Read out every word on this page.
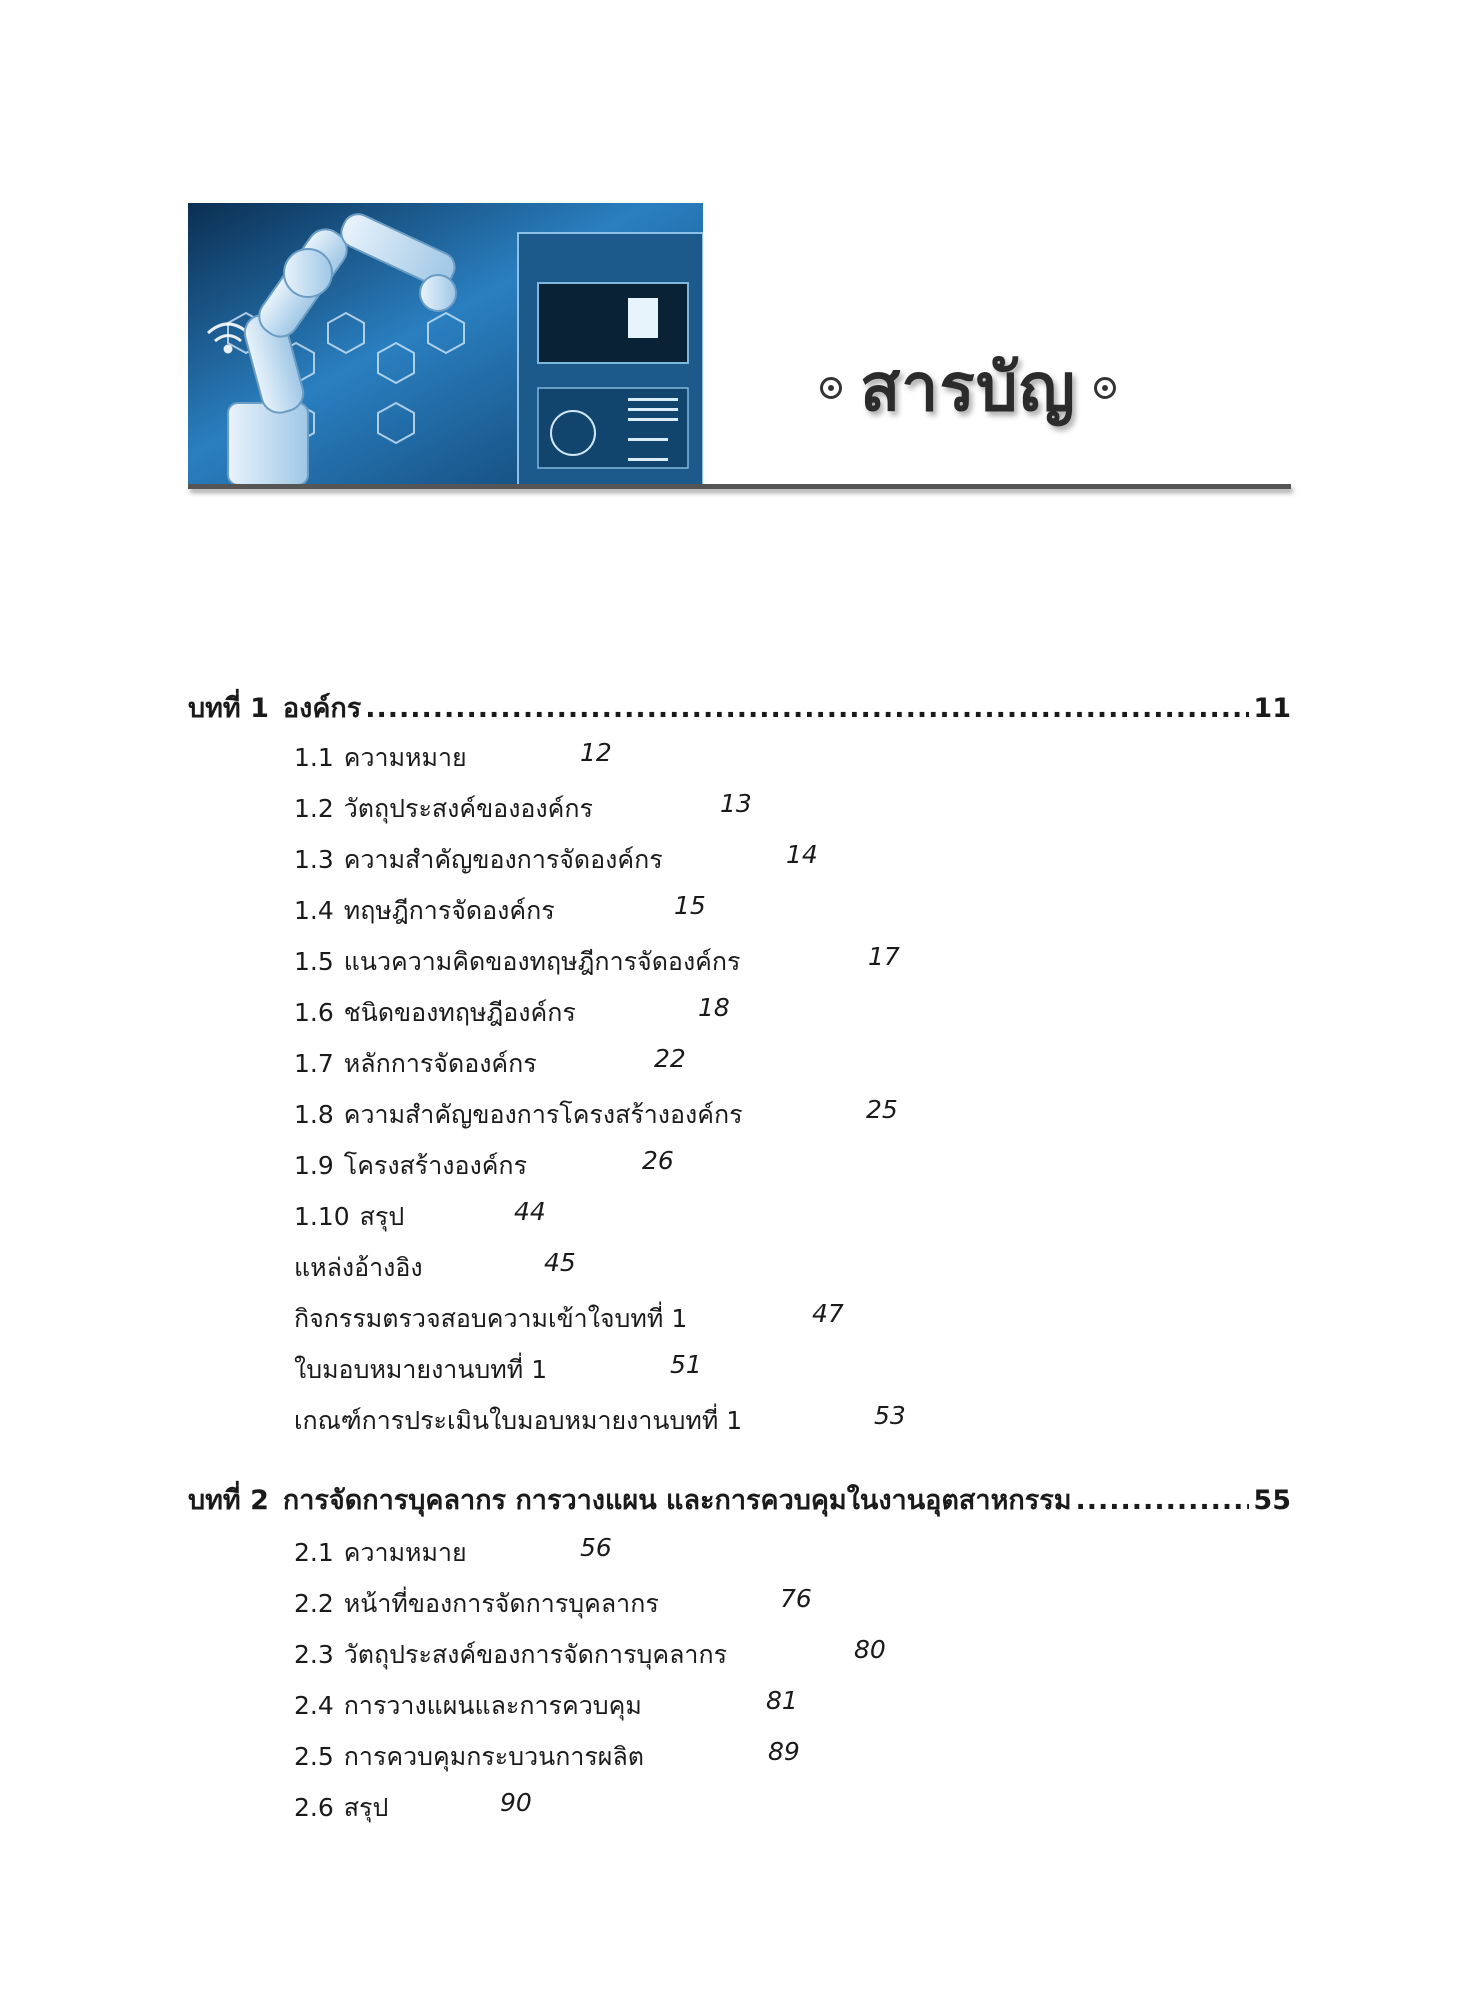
สารบัญ
บทที่ 1 องค์กร .....	11
1.1 ความหมาย	12
1.2 วัตถุประสงค์ขององค์กร	13
1.3 ความสำคัญของการจัดองค์กร	14
1.4 ทฤษฎีการจัดองค์กร	15
1.5 แนวความคิดของทฤษฎีการจัดองค์กร	17
1.6 ชนิดของทฤษฎีองค์กร	18
1.7 หลักการจัดองค์กร	22
1.8 ความสำคัญของการโครงสร้างองค์กร	25
1.9 โครงสร้างองค์กร	26
1.10 สรุป	44
แหล่งอ้างอิง	45
กิจกรรมตรวจสอบความเข้าใจบทที่ 1	47
ใบมอบหมายงานบทที่ 1	51
เกณฑ์การประเมินใบมอบหมายงานบทที่ 1	53
บทที่ 2 การจัดการบุคลากร การวางแผน และการควบคุมในงานอุตสาหกรรม .....	55
2.1 ความหมาย	56
2.2 หน้าที่ของการจัดการบุคลากร	76
2.3 วัตถุประสงค์ของการจัดการบุคลากร	80
2.4 การวางแผนและการควบคุม	81
2.5 การควบคุมกระบวนการผลิต	89
2.6 สรุป	90
